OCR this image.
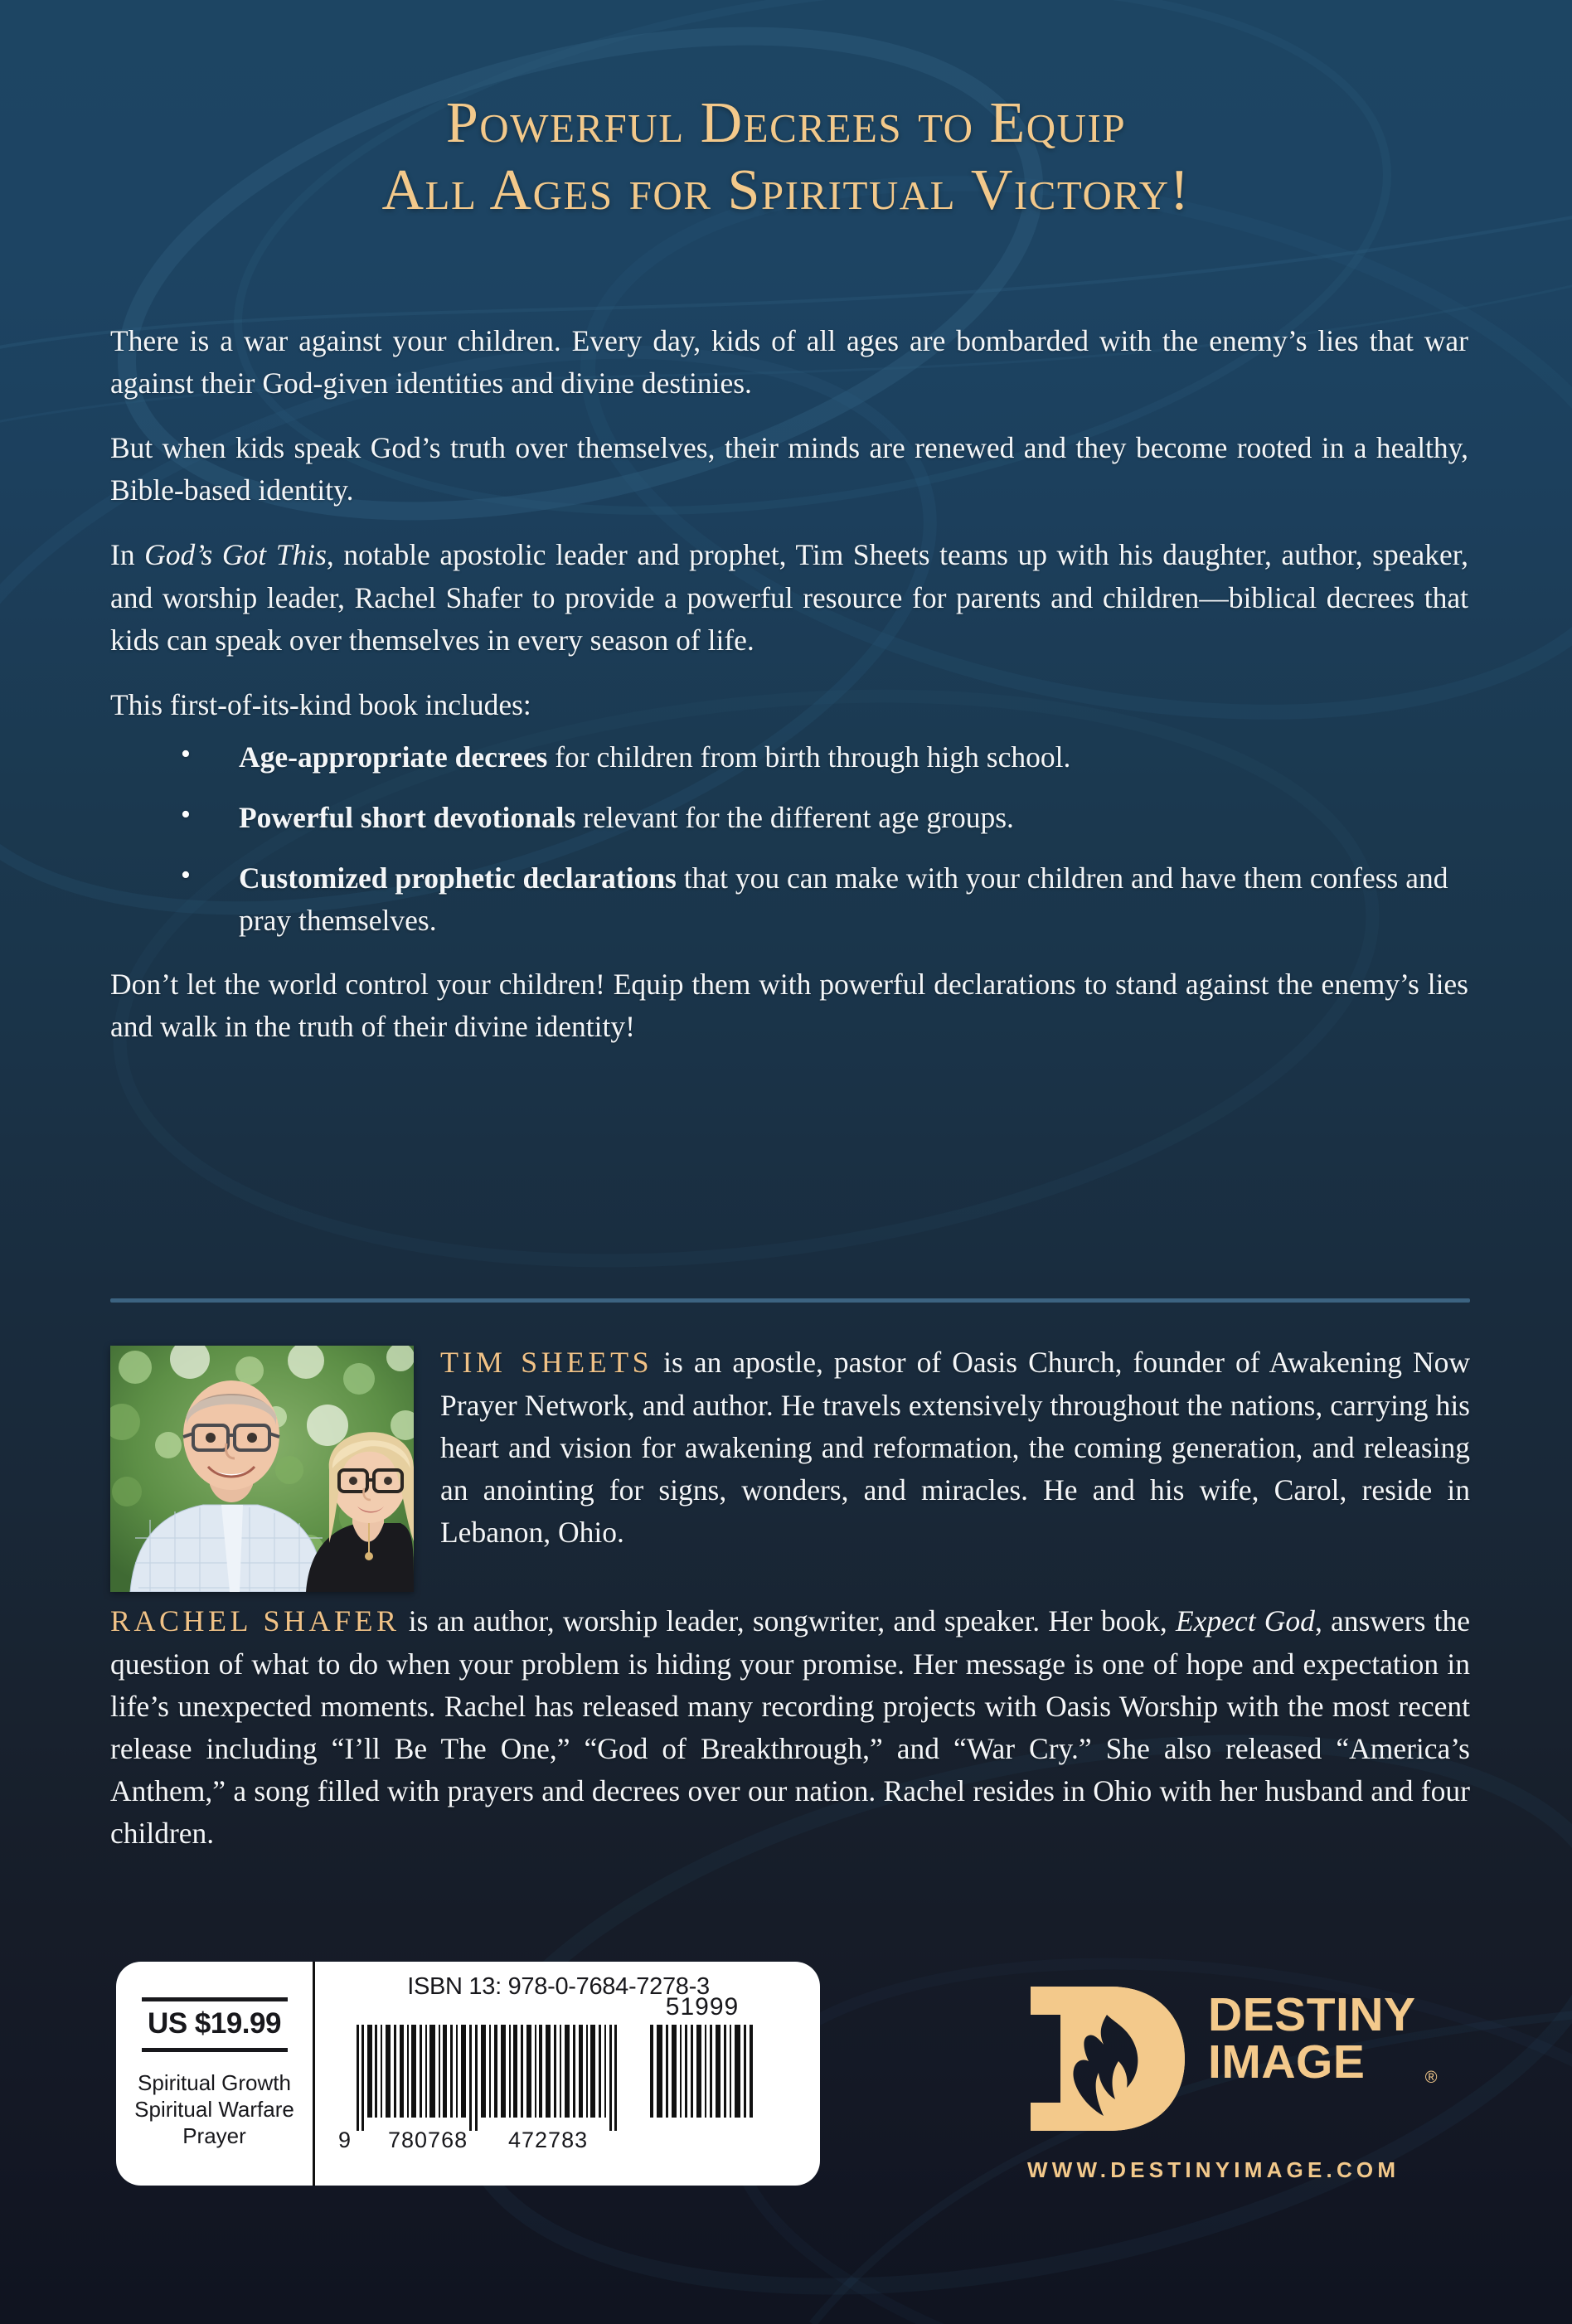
Powerful Decrees to Equip
All Ages for Spiritual Victory!

There is a war against your children. Every day, kids of all ages are bombarded with the enemy’s lies that war against their God-given identities and divine destinies.

But when kids speak God’s truth over themselves, their minds are renewed and they become rooted in a healthy, Bible-based identity.

In God’s Got This, notable apostolic leader and prophet, Tim Sheets teams up with his daughter, author, speaker, and worship leader, Rachel Shafer to provide a powerful resource for parents and children—biblical decrees that kids can speak over themselves in every season of life.

This first-of-its-kind book includes:

• Age-appropriate decrees for children from birth through high school.
• Powerful short devotionals relevant for the different age groups.
• Customized prophetic declarations that you can make with your children and have them confess and pray themselves.

Don’t let the world control your children! Equip them with powerful declarations to stand against the enemy’s lies and walk in the truth of their divine identity!

TIM SHEETS is an apostle, pastor of Oasis Church, founder of Awakening Now Prayer Network, and author. He travels extensively throughout the nations, carrying his heart and vision for awakening and reformation, the coming generation, and releasing an anointing for signs, wonders, and miracles. He and his wife, Carol, reside in Lebanon, Ohio.
RACHEL SHAFER is an author, worship leader, songwriter, and speaker. Her book, Expect God, answers the question of what to do when your problem is hiding your promise. Her message is one of hope and expectation in life’s unexpected moments. Rachel has released many recording projects with Oasis Worship with the most recent release including “I’ll Be The One,” “God of Breakthrough,” and “War Cry.” She also released “America’s Anthem,” a song filled with prayers and decrees over our nation. Rachel resides in Ohio with her husband and four children.
US $19.99
Spiritual Growth
Spiritual Warfare
Prayer
ISBN 13: 978-0-7684-7278-3
9 780768 472783
51999	DESTINY
IMAGE	®
WWW.DESTINYIMAGE.COM
